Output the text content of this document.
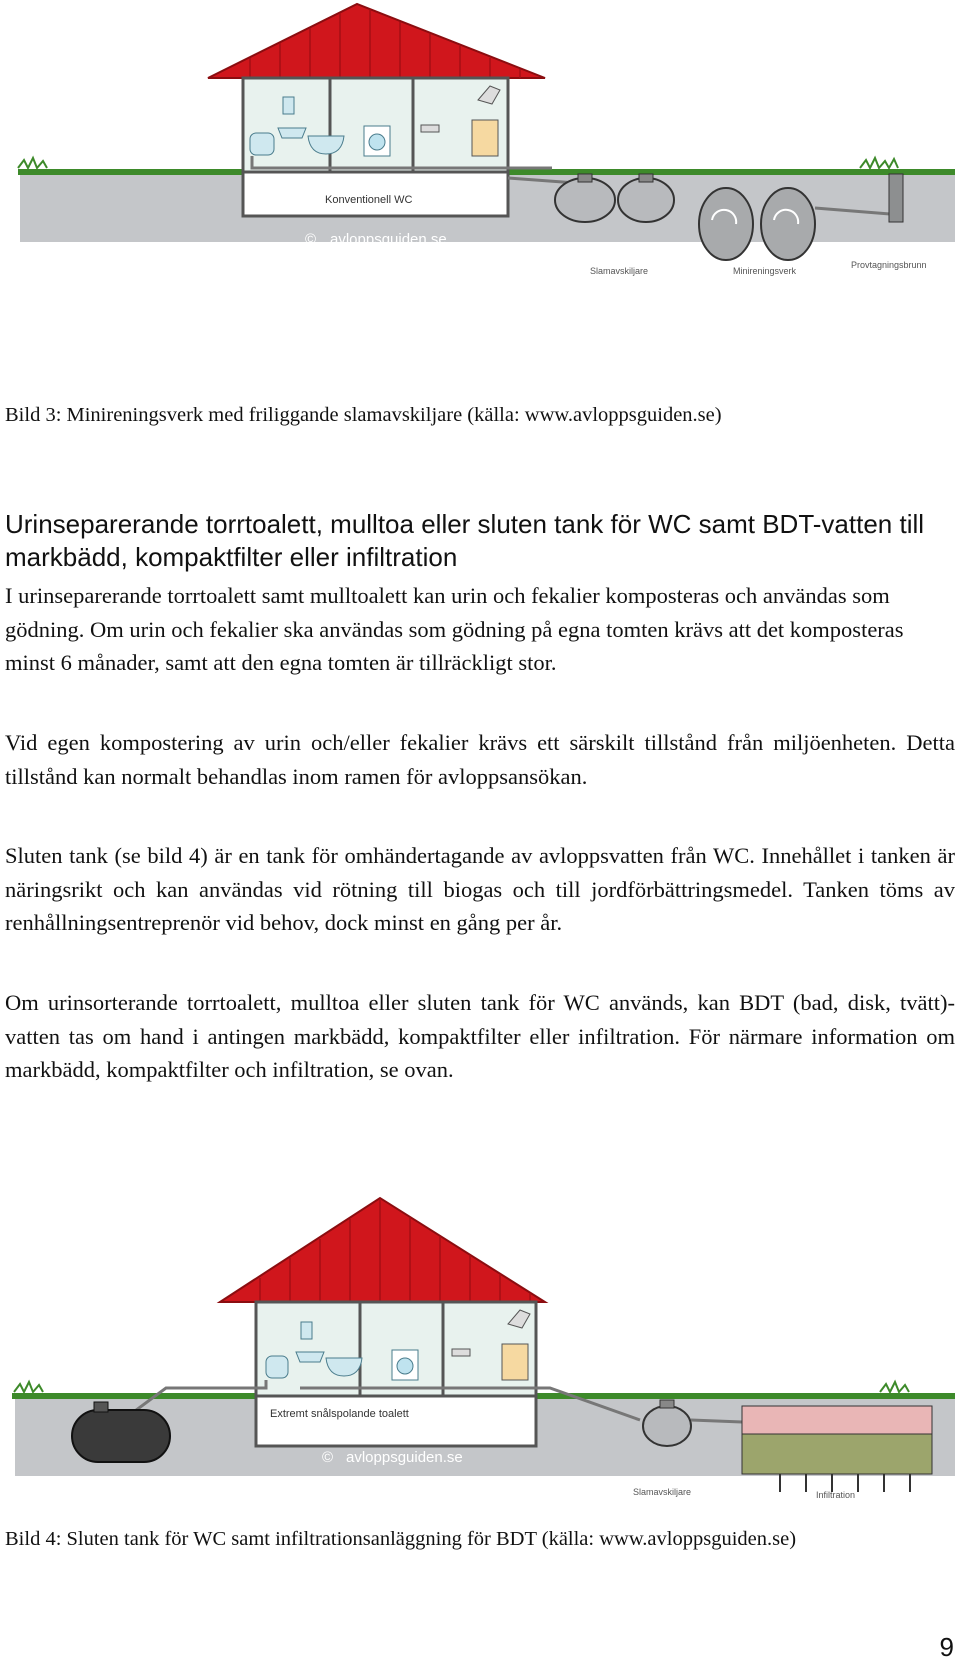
Konventionell WC
© avloppsguiden.se
Slamavskiljare	Minireningsverk
Provtagningsbrunn
Bild 3: Minireningsverk med friliggande slamavskiljare (källa: www.avloppsguiden.se)
Urinseparerande torrtoalett, mulltoa eller sluten tank för WC samt BDT-vatten till markbädd, kompaktfilter eller infiltration
I urinseparerande torrtoalett samt mulltoalett kan urin och fekalier komposteras och användas som gödning. Om urin och fekalier ska användas som gödning på egna tomten krävs att det komposteras minst 6 månader, samt att den egna tomten är tillräckligt stor.
Vid egen kompostering av urin och/eller fekalier krävs ett särskilt tillstånd från miljöenheten. Detta tillstånd kan normalt behandlas inom ramen för avloppsansökan.
Sluten tank (se bild 4) är en tank för omhändertagande av avloppsvatten från WC. Innehållet i tanken är näringsrikt och kan användas vid rötning till biogas och till jordförbättringsmedel. Tanken töms av renhållningsentreprenör vid behov, dock minst en gång per år.
Om urinsorterande torrtoalett, mulltoa eller sluten tank för WC används, kan BDT (bad, disk, tvätt)-vatten tas om hand i antingen markbädd, kompaktfilter eller infiltration. För närmare information om markbädd, kompaktfilter och infiltration, se ovan.
Extremt snålspolande toalett
© avloppsguiden.se
Slamavskiljare	Infiltration
Bild 4: Sluten tank för WC samt infiltrationsanläggning för BDT (källa: www.avloppsguiden.se)
9
